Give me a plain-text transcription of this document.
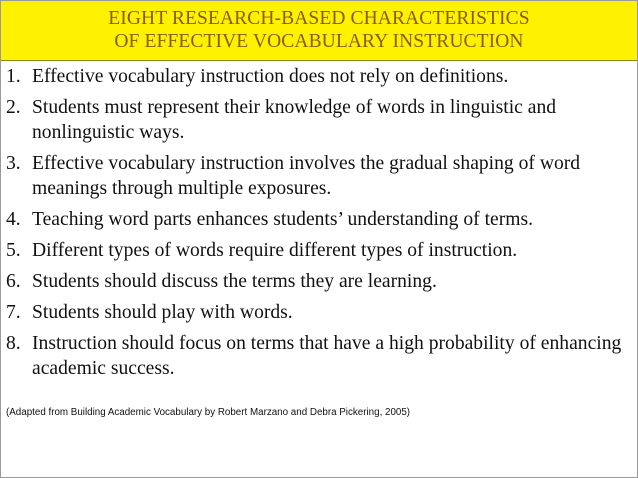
EIGHT RESEARCH-BASED CHARACTERISTICS
OF EFFECTIVE VOCABULARY INSTRUCTION
1. Effective vocabulary instruction does not rely on definitions.
2. Students must represent their knowledge of words in linguistic and nonlinguistic ways.
3. Effective vocabulary instruction involves the gradual shaping of word meanings through multiple exposures.
4. Teaching word parts enhances students’ understanding of terms.
5. Different types of words require different types of instruction.
6. Students should discuss the terms they are learning.
7. Students should play with words.
8. Instruction should focus on terms that have a high probability of enhancing academic success.
(Adapted from Building Academic Vocabulary by Robert Marzano and Debra Pickering, 2005)
